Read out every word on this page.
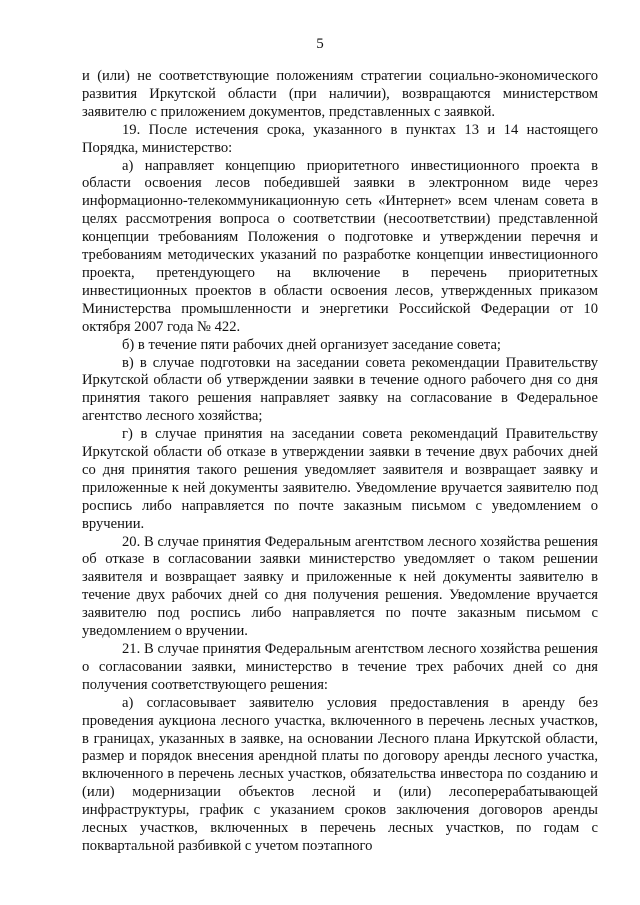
5

и (или) не соответствующие положениям стратегии социально-экономического развития Иркутской области (при наличии), возвращаются министерством заявителю с приложением документов, представленных с заявкой.

19. После истечения срока, указанного в пунктах 13 и 14 настоящего Порядка, министерство:

а) направляет концепцию приоритетного инвестиционного проекта в области освоения лесов победившей заявки в электронном виде через информационно-телекоммуникационную сеть «Интернет» всем членам совета в целях рассмотрения вопроса о соответствии (несоответствии) представленной концепции требованиям Положения о подготовке и утверждении перечня и требованиям методических указаний по разработке концепции инвестиционного проекта, претендующего на включение в перечень приоритетных инвестиционных проектов в области освоения лесов, утвержденных приказом Министерства промышленности и энергетики Российской Федерации от 10 октября 2007 года № 422.

б) в течение пяти рабочих дней организует заседание совета;

в) в случае подготовки на заседании совета рекомендации Правительству Иркутской области об утверждении заявки в течение одного рабочего дня со дня принятия такого решения направляет заявку на согласование в Федеральное агентство лесного хозяйства;

г) в случае принятия на заседании совета рекомендаций Правительству Иркутской области об отказе в утверждении заявки в течение двух рабочих дней со дня принятия такого решения уведомляет заявителя и возвращает заявку и приложенные к ней документы заявителю. Уведомление вручается заявителю под роспись либо направляется по почте заказным письмом с уведомлением о вручении.

20. В случае принятия Федеральным агентством лесного хозяйства решения об отказе в согласовании заявки министерство уведомляет о таком решении заявителя и возвращает заявку и приложенные к ней документы заявителю в течение двух рабочих дней со дня получения решения. Уведомление вручается заявителю под роспись либо направляется по почте заказным письмом с уведомлением о вручении.

21. В случае принятия Федеральным агентством лесного хозяйства решения о согласовании заявки, министерство в течение трех рабочих дней со дня получения соответствующего решения:

а) согласовывает заявителю условия предоставления в аренду без проведения аукциона лесного участка, включенного в перечень лесных участков, в границах, указанных в заявке, на основании Лесного плана Иркутской области, размер и порядок внесения арендной платы по договору аренды лесного участка, включенного в перечень лесных участков, обязательства инвестора по созданию и (или) модернизации объектов лесной и (или) лесоперерабатывающей инфраструктуры, график с указанием сроков заключения договоров аренды лесных участков, включенных в перечень лесных участков, по годам с поквартальной разбивкой с учетом поэтапного
